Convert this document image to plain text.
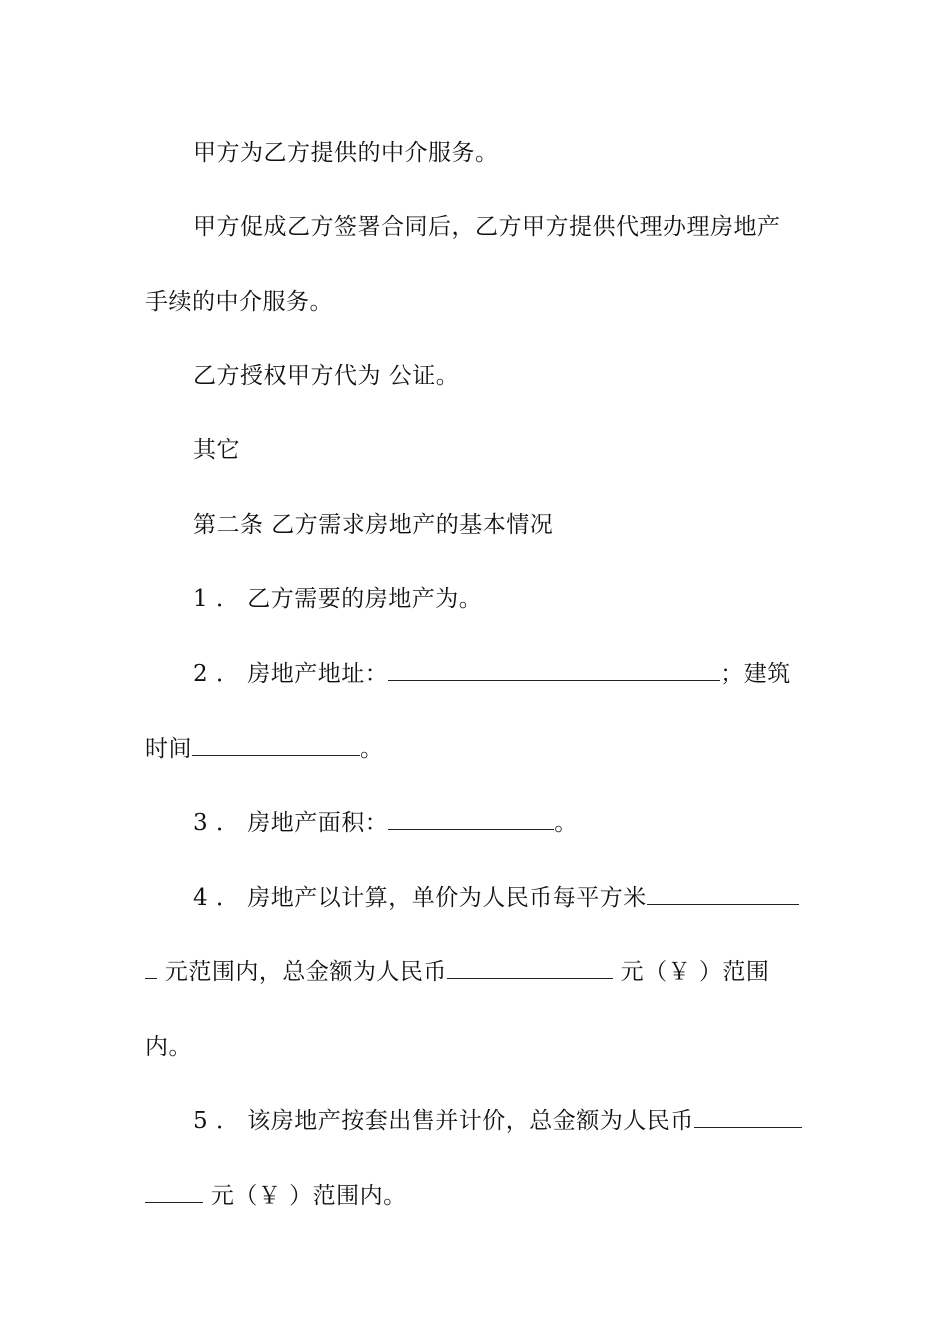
甲方为乙方提供的中介服务。
甲方促成乙方签署合同后，乙方甲方提供代理办理房地产
手续的中介服务。
乙方授权甲方代为 公证。
其它
第二条 乙方需求房地产的基本情况
1 ． 乙方需要的房地产为。
2 ． 房地产地址：	；建筑
时间	。
3 ． 房地产面积：	。
4 ． 房地产以计算，单价为人民币每平方米
元范围内，总金额为人民币	元（￥ ）范围
内。
5 ． 该房地产按套出售并计价，总金额为人民币
元（￥ ）范围内。
